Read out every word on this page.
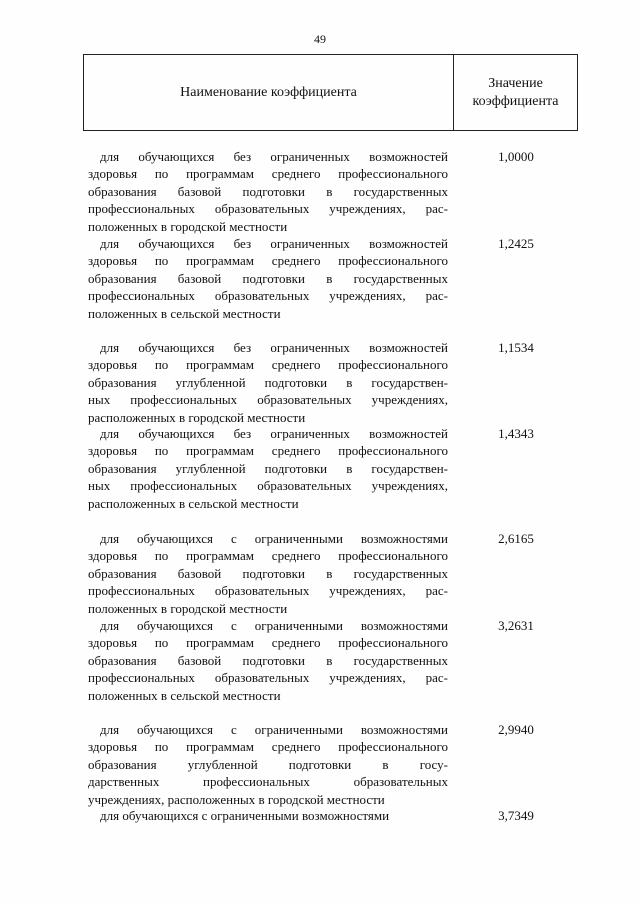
49
Наименование коэффициента
Значение
коэффициента
для обучающихся без ограниченных возможностей
здоровья по программам среднего профессионального
образования базовой подготовки в государственных
профессиональных образовательных учреждениях, рас-
положенных в городской местности
1,0000
для обучающихся без ограниченных возможностей
здоровья по программам среднего профессионального
образования базовой подготовки в государственных
профессиональных образовательных учреждениях, рас-
положенных в сельской местности
1,2425
для обучающихся без ограниченных возможностей
здоровья по программам среднего профессионального
образования углубленной подготовки в государствен-
ных профессиональных образовательных учреждениях,
расположенных в городской местности
1,1534
для обучающихся без ограниченных возможностей
здоровья по программам среднего профессионального
образования углубленной подготовки в государствен-
ных профессиональных образовательных учреждениях,
расположенных в сельской местности
1,4343
для обучающихся с ограниченными возможностями
здоровья по программам среднего профессионального
образования базовой подготовки в государственных
профессиональных образовательных учреждениях, рас-
положенных в городской местности
2,6165
для обучающихся с ограниченными возможностями
здоровья по программам среднего профессионального
образования базовой подготовки в государственных
профессиональных образовательных учреждениях, рас-
положенных в сельской местности
3,2631
для обучающихся с ограниченными возможностями
здоровья по программам среднего профессионального
образования углубленной подготовки в госу-
дарственных профессиональных образовательных
учреждениях, расположенных в городской местности
2,9940
для обучающихся с ограниченными возможностями	3,7349
